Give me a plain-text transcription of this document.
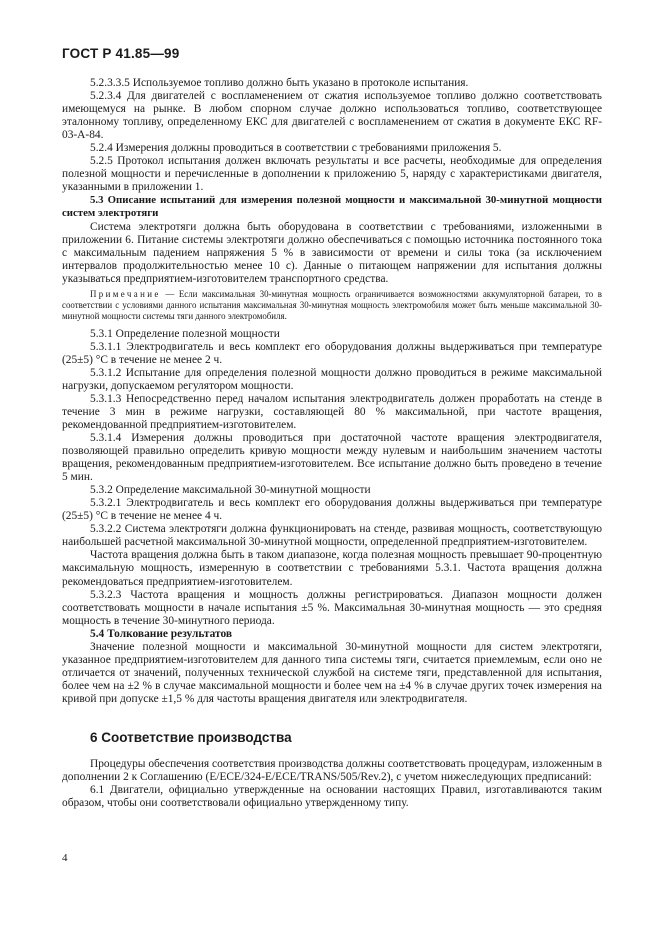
ГОСТ Р 41.85—99

5.2.3.3.5 Используемое топливо должно быть указано в протоколе испытания.

5.2.3.4 Для двигателей с воспламенением от сжатия используемое топливо должно соответствовать имеющемуся на рынке. В любом спорном случае должно использоваться топливо, соответствующее эталонному топливу, определенному ЕКС для двигателей с воспламенением от сжатия в документе ЕКС RF-03-A-84.

5.2.4 Измерения должны проводиться в соответствии с требованиями приложения 5.

5.2.5 Протокол испытания должен включать результаты и все расчеты, необходимые для определения полезной мощности и перечисленные в дополнении к приложению 5, наряду с характеристиками двигателя, указанными в приложении 1.

5.3 Описание испытаний для измерения полезной мощности и максимальной 30-минутной мощности систем электротяги

Система электротяги должна быть оборудована в соответствии с требованиями, изложенными в приложении 6. Питание системы электротяги должно обеспечиваться с помощью источника постоянного тока с максимальным падением напряжения 5 % в зависимости от времени и силы тока (за исключением интервалов продолжительностью менее 10 с). Данные о питающем напряжении для испытания должны указываться предприятием-изготовителем транспортного средства.

Примечание — Если максимальная 30-минутная мощность ограничивается возможностями аккумуляторной батареи, то в соответствии с условиями данного испытания максимальная 30-минутная мощность электромобиля может быть меньше максимальной 30-минутной мощности системы тяги данного электромобиля.

5.3.1 Определение полезной мощности

5.3.1.1 Электродвигатель и весь комплект его оборудования должны выдерживаться при температуре (25±5) °С в течение не менее 2 ч.

5.3.1.2 Испытание для определения полезной мощности должно проводиться в режиме максимальной нагрузки, допускаемом регулятором мощности.

5.3.1.3 Непосредственно перед началом испытания электродвигатель должен проработать на стенде в течение 3 мин в режиме нагрузки, составляющей 80 % максимальной, при частоте вращения, рекомендованной предприятием-изготовителем.

5.3.1.4 Измерения должны проводиться при достаточной частоте вращения электродвигателя, позволяющей правильно определить кривую мощности между нулевым и наибольшим значением частоты вращения, рекомендованным предприятием-изготовителем. Все испытание должно быть проведено в течение 5 мин.

5.3.2 Определение максимальной 30-минутной мощности

5.3.2.1 Электродвигатель и весь комплект его оборудования должны выдерживаться при температуре (25±5) °С в течение не менее 4 ч.

5.3.2.2 Система электротяги должна функционировать на стенде, развивая мощность, соответствующую наибольшей расчетной максимальной 30-минутной мощности, определенной предприятием-изготовителем.

Частота вращения должна быть в таком диапазоне, когда полезная мощность превышает 90-процентную максимальную мощность, измеренную в соответствии с требованиями 5.3.1. Частота вращения должна рекомендоваться предприятием-изготовителем.

5.3.2.3 Частота вращения и мощность должны регистрироваться. Диапазон мощности должен соответствовать мощности в начале испытания ±5 %. Максимальная 30-минутная мощность — это средняя мощность в течение 30-минутного периода.

5.4 Толкование результатов

Значение полезной мощности и максимальной 30-минутной мощности для систем электротяги, указанное предприятием-изготовителем для данного типа системы тяги, считается приемлемым, если оно не отличается от значений, полученных технической службой на системе тяги, представленной для испытания, более чем на ±2 % в случае максимальной мощности и более чем на ±4 % в случае других точек измерения на кривой при допуске ±1,5 % для частоты вращения двигателя или электродвигателя.

6 Соответствие производства

Процедуры обеспечения соответствия производства должны соответствовать процедурам, изложенным в дополнении 2 к Соглашению (E/ECE/324-E/ECE/TRANS/505/Rev.2), с учетом нижеследующих предписаний:

6.1 Двигатели, официально утвержденные на основании настоящих Правил, изготавливаются таким образом, чтобы они соответствовали официально утвержденному типу.

4
